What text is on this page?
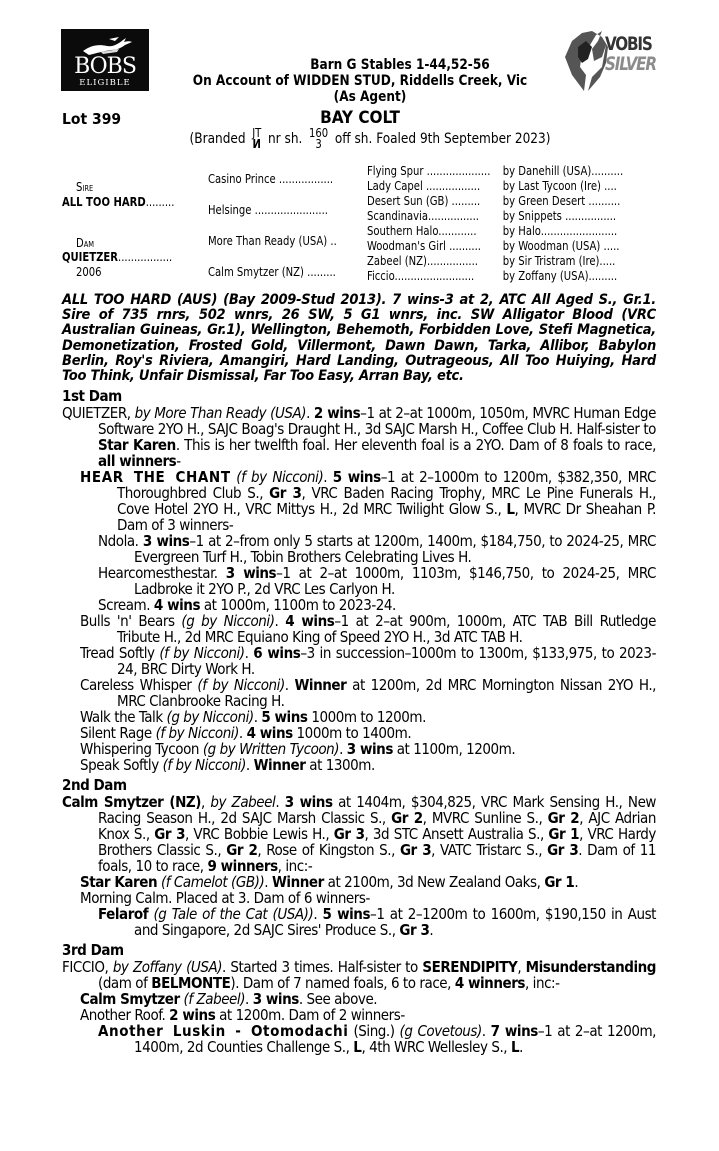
BOBS
ELIGIBLE
VOBIS
SILVER
Barn G Stables 1-44,52-56
On Account of WIDDEN STUD, Riddells Creek, Vic
(As Agent)
Lot 399	BAY COLT
(Branded JT
И nr sh. 160
3 off sh. Foaled 9th September 2023)
Sire
ALL TOO HARD.........
Dam
QUIETZER.................
2006
Casino Prince .................
Helsinge .......................
More Than Ready (USA) ..
Calm Smytzer (NZ) .........
Flying Spur .................... by Danehill (USA)..........
Lady Capel ................. by Last Tycoon (Ire) ....
Desert Sun (GB) ......... by Green Desert ..........
Scandinavia................ by Snippets ................
Southern Halo............ by Halo........................
Woodman's Girl .......... by Woodman (USA) .....
Zabeel (NZ)................ by Sir Tristram (Ire).....
Ficcio......................... by Zoffany (USA).........
ALL TOO HARD (AUS) (Bay 2009-Stud 2013). 7 wins-3 at 2, ATC All Aged S., Gr.1. Sire of 735 rnrs, 502 wnrs, 26 SW, 5 G1 wnrs, inc. SW Alligator Blood (VRC Australian Guineas, Gr.1), Wellington, Behemoth, Forbidden Love, Stefi Magnetica, Demonetization, Frosted Gold, Villermont, Dawn Dawn, Tarka, Allibor, Babylon Berlin, Roy's Riviera, Amangiri, Hard Landing, Outrageous, All Too Huiying, Hard Too Think, Unfair Dismissal, Far Too Easy, Arran Bay, etc.
1st Dam

QUIETZER, by More Than Ready (USA). 2 wins–1 at 2–at 1000m, 1050m, MVRC Human Edge Software 2YO H., SAJC Boag's Draught H., 3d SAJC Marsh H., Coffee Club H. Half-sister to Star Karen. This is her twelfth foal. Her eleventh foal is a 2YO. Dam of 8 foals to race, all winners-

HEAR THE CHANT (f by Nicconi). 5 wins–1 at 2–1000m to 1200m, $382,350, MRC Thoroughbred Club S., Gr 3, VRC Baden Racing Trophy, MRC Le Pine Funerals H., Cove Hotel 2YO H., VRC Mittys H., 2d MRC Twilight Glow S., L, MVRC Dr Sheahan P. Dam of 3 winners-

Ndola. 3 wins–1 at 2–from only 5 starts at 1200m, 1400m, $184,750, to 2024-25, MRC Evergreen Turf H., Tobin Brothers Celebrating Lives H.

Hearcomesthestar. 3 wins–1 at 2–at 1000m, 1103m, $146,750, to 2024-25, MRC Ladbroke it 2YO P., 2d VRC Les Carlyon H.

Scream. 4 wins at 1000m, 1100m to 2023-24.

Bulls 'n' Bears (g by Nicconi). 4 wins–1 at 2–at 900m, 1000m, ATC TAB Bill Rutledge Tribute H., 2d MRC Equiano King of Speed 2YO H., 3d ATC TAB H.

Tread Softly (f by Nicconi). 6 wins–3 in succession–1000m to 1300m, $133,975, to 2023-24, BRC Dirty Work H.

Careless Whisper (f by Nicconi). Winner at 1200m, 2d MRC Mornington Nissan 2YO H., MRC Clanbrooke Racing H.

Walk the Talk (g by Nicconi). 5 wins 1000m to 1200m.

Silent Rage (f by Nicconi). 4 wins 1000m to 1400m.

Whispering Tycoon (g by Written Tycoon). 3 wins at 1100m, 1200m.

Speak Softly (f by Nicconi). Winner at 1300m.

2nd Dam

Calm Smytzer (NZ), by Zabeel. 3 wins at 1404m, $304,825, VRC Mark Sensing H., New Racing Season H., 2d SAJC Marsh Classic S., Gr 2, MVRC Sunline S., Gr 2, AJC Adrian Knox S., Gr 3, VRC Bobbie Lewis H., Gr 3, 3d STC Ansett Australia S., Gr 1, VRC Hardy Brothers Classic S., Gr 2, Rose of Kingston S., Gr 3, VATC Tristarc S., Gr 3. Dam of 11 foals, 10 to race, 9 winners, inc:-

Star Karen (f Camelot (GB)). Winner at 2100m, 3d New Zealand Oaks, Gr 1.

Morning Calm. Placed at 3. Dam of 6 winners-

Felarof (g Tale of the Cat (USA)). 5 wins–1 at 2–1200m to 1600m, $190,150 in Aust and Singapore, 2d SAJC Sires' Produce S., Gr 3.

3rd Dam

FICCIO, by Zoffany (USA). Started 3 times. Half-sister to SERENDIPITY, Misunderstanding (dam of BELMONTE). Dam of 7 named foals, 6 to race, 4 winners, inc:-

Calm Smytzer (f Zabeel). 3 wins. See above.

Another Roof. 2 wins at 1200m. Dam of 2 winners-

Another Luskin - Otomodachi (Sing.) (g Covetous). 7 wins–1 at 2–at 1200m, 1400m, 2d Counties Challenge S., L, 4th WRC Wellesley S., L.
